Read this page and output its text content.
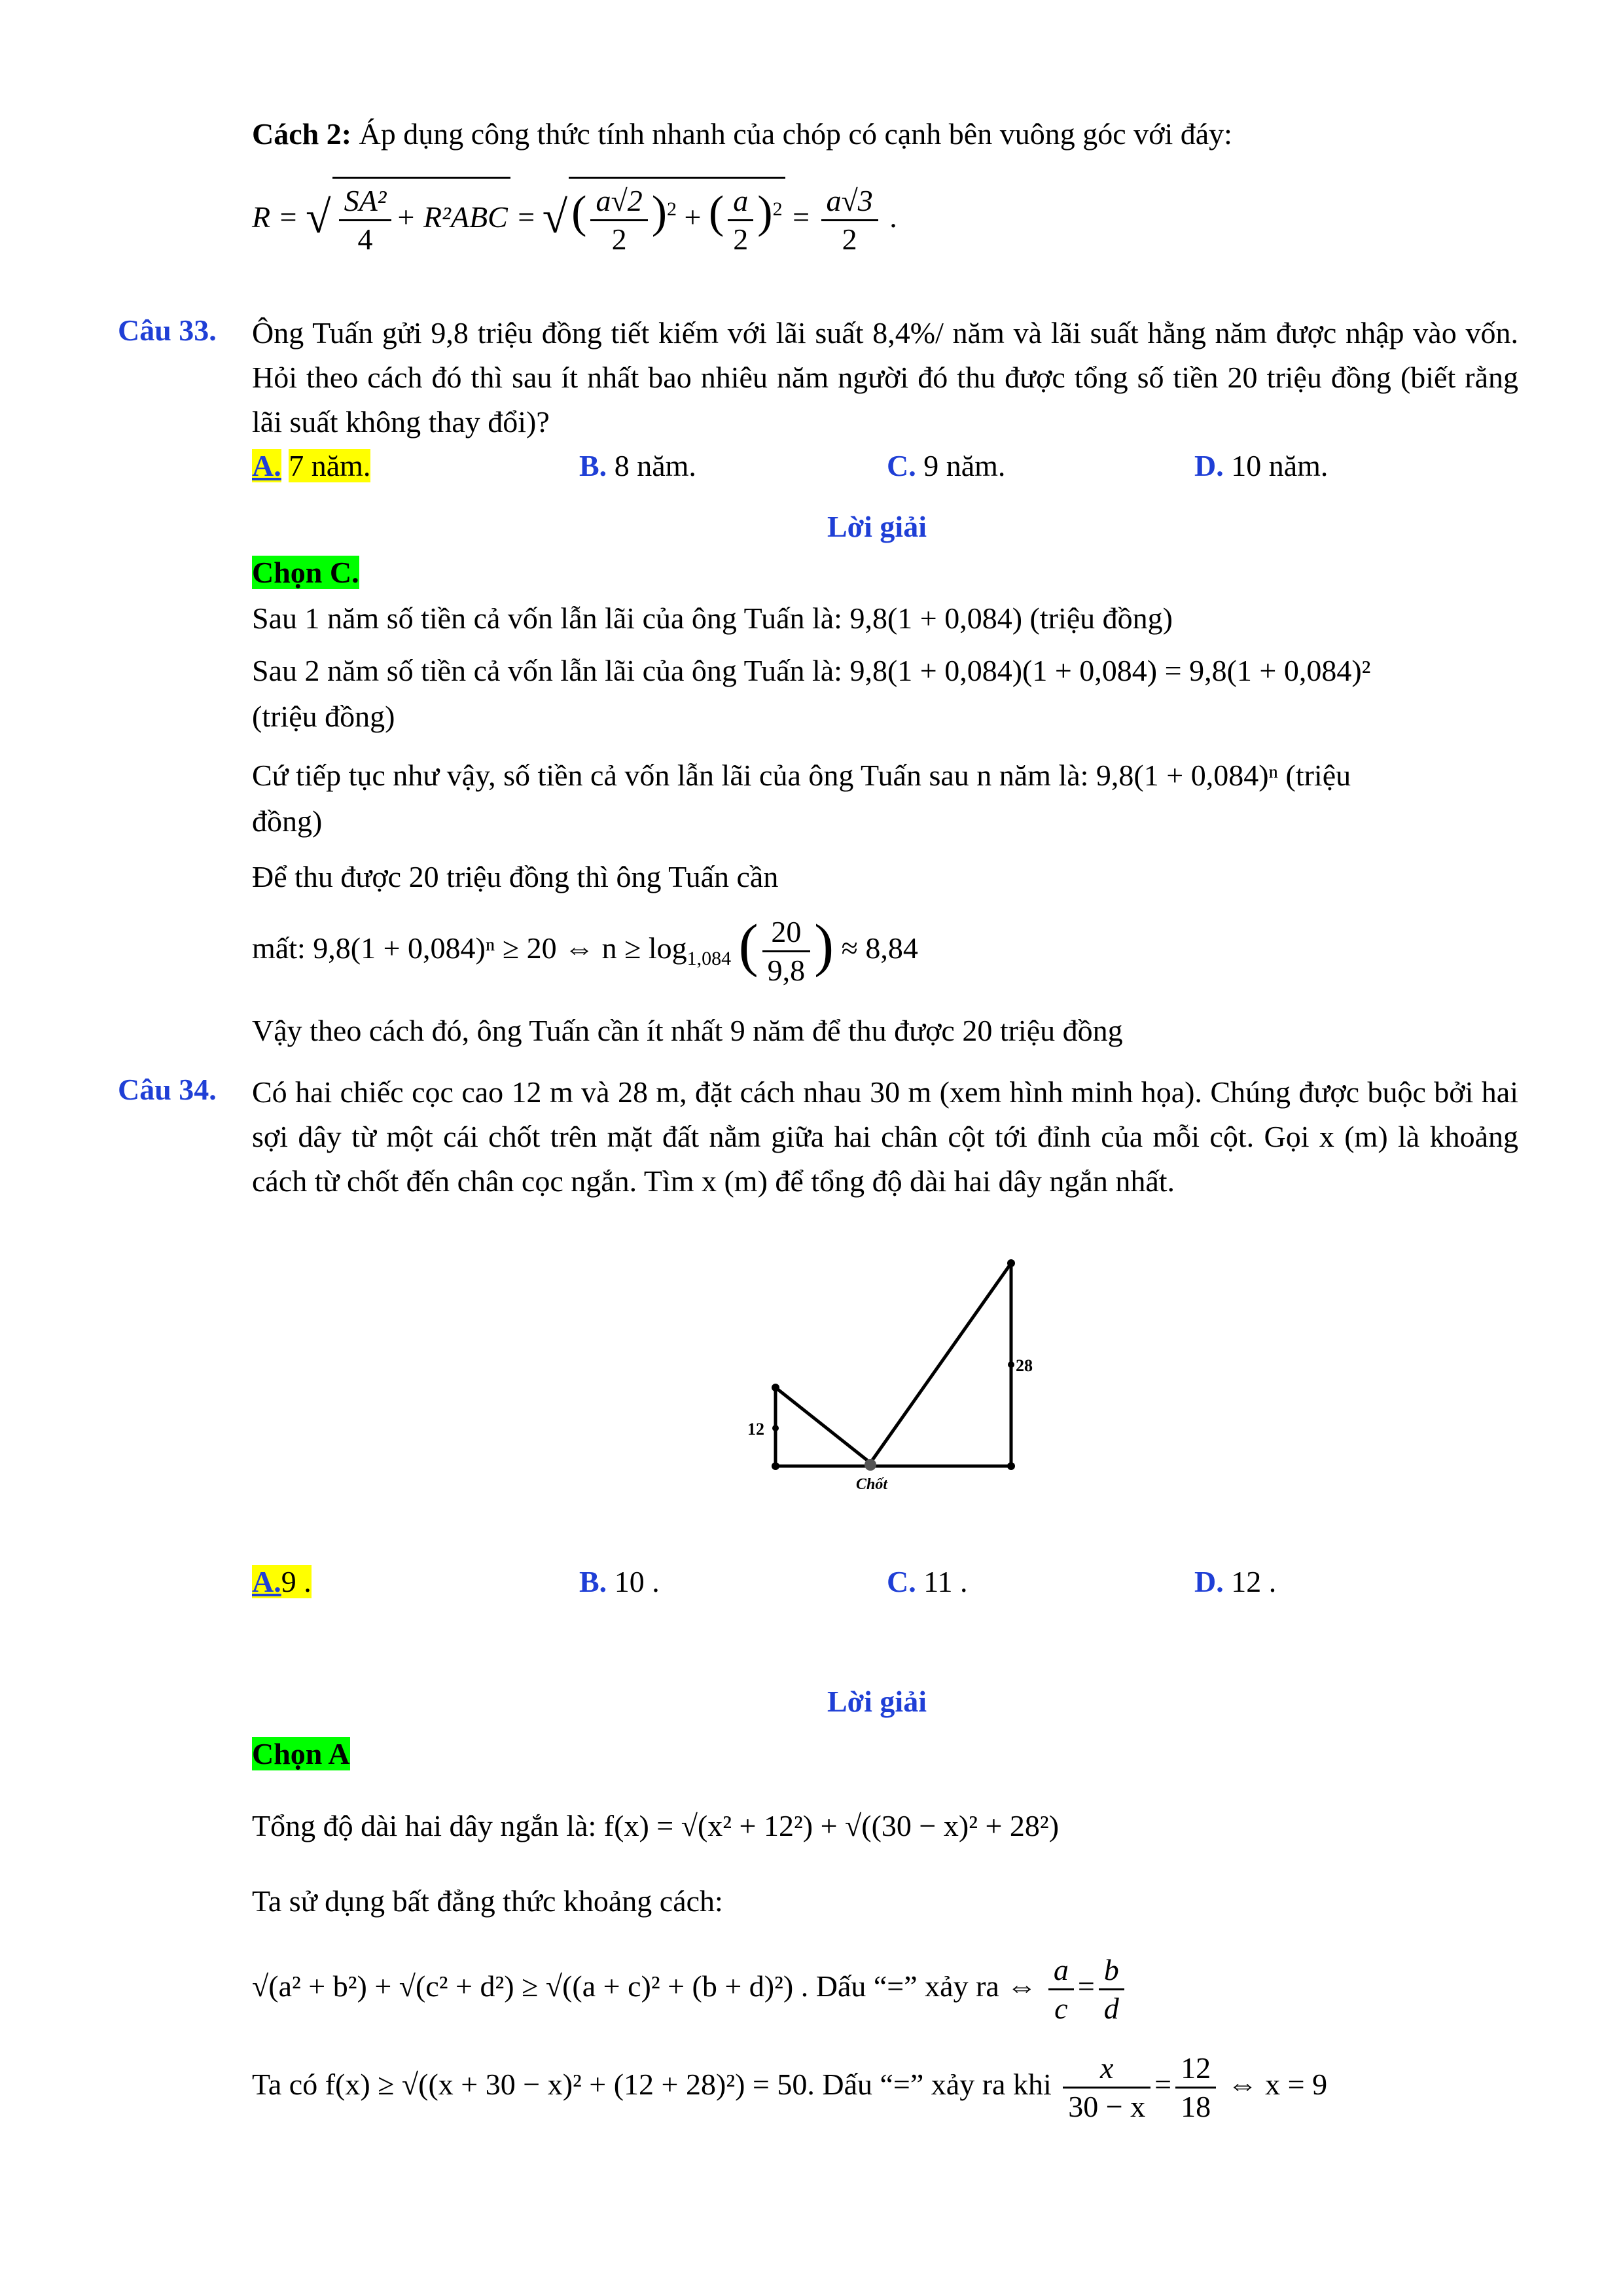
Cách 2: Áp dụng công thức tính nhanh của chóp có cạnh bên vuông góc với đáy:
R = √ $\frac{\text{SA²}}{4} + R^2ABC$ = √( $\frac{a√2}{2} )^2$ + ( $\frac{a}{2} )^2 = \frac{a√3}{2}$ .
Câu 33. Ông Tuấn gửi 9,8 triệu đồng tiết kiếm với lãi suất 8,4%/ năm và lãi suất hằng năm được nhập vào vốn. Hỏi theo cách đó thì sau ít nhất bao nhiêu năm người đó thu được tổng số tiền 20 triệu đồng (biết rằng lãi suất không thay đổi)?
A. 7 năm.	B. 8 năm.	C. 9 năm.	D. 10 năm.
Lời giải
Chọn C.
Sau 1 năm số tiền cả vốn lẫn lãi của ông Tuấn là: 9,8(1 + 0,084) (triệu đồng)
Sau 2 năm số tiền cả vốn lẫn lãi của ông Tuấn là: 9,8(1 + 0,084)(1 + 0,084) = 9,8(1 + 0,084)²
(triệu đồng)
Cứ tiếp tục như vậy, số tiền cả vốn lẫn lãi của ông Tuấn sau n năm là: 9,8(1 + 0,084)ⁿ (triệu
đồng)
Để thu được 20 triệu đồng thì ông Tuấn cần
mất: 9,8(1 + 0,084)ⁿ ≥ 20 ⇔ $n \ge \log_{1,084}$ ( $\frac{20}{9,8}$ ) ≈ 8,84
Vậy theo cách đó, ông Tuấn cần ít nhất 9 năm để thu được 20 triệu đồng
Câu 34. Có hai chiếc cọc cao 12 m và 28 m, đặt cách nhau 30 m (xem hình minh họa). Chúng được buộc bởi hai sợi dây từ một cái chốt trên mặt đất nằm giữa hai chân cột tới đỉnh của mỗi cột. Gọi x (m) là khoảng cách từ chốt đến chân cọc ngắn. Tìm x (m) để tổng độ dài hai dây ngắn nhất.
12
28
Chốt
A.9 .	B. 10 .	C. 11 .	D. 12 .
Lời giải
Chọn A
Tổng độ dài hai dây ngắn là: f(x) = √(x² + 12²) + √((30 − x)² + 28²)
Ta sử dụng bất đẳng thức khoảng cách:
√(a² + b²) + √(c² + d²) ≥ √((a + c)² + (b + d)²) . Dấu “=” xảy ra ⇔ $\frac{a}{c} = \frac{b}{d}$
Ta có f(x) ≥ √((x + 30 − x)² + (12 + 28)²) = 50. Dấu “=” xảy ra khi $\frac{x}{30 - x} = \frac{12}{18}$ ⇔ x = 9
